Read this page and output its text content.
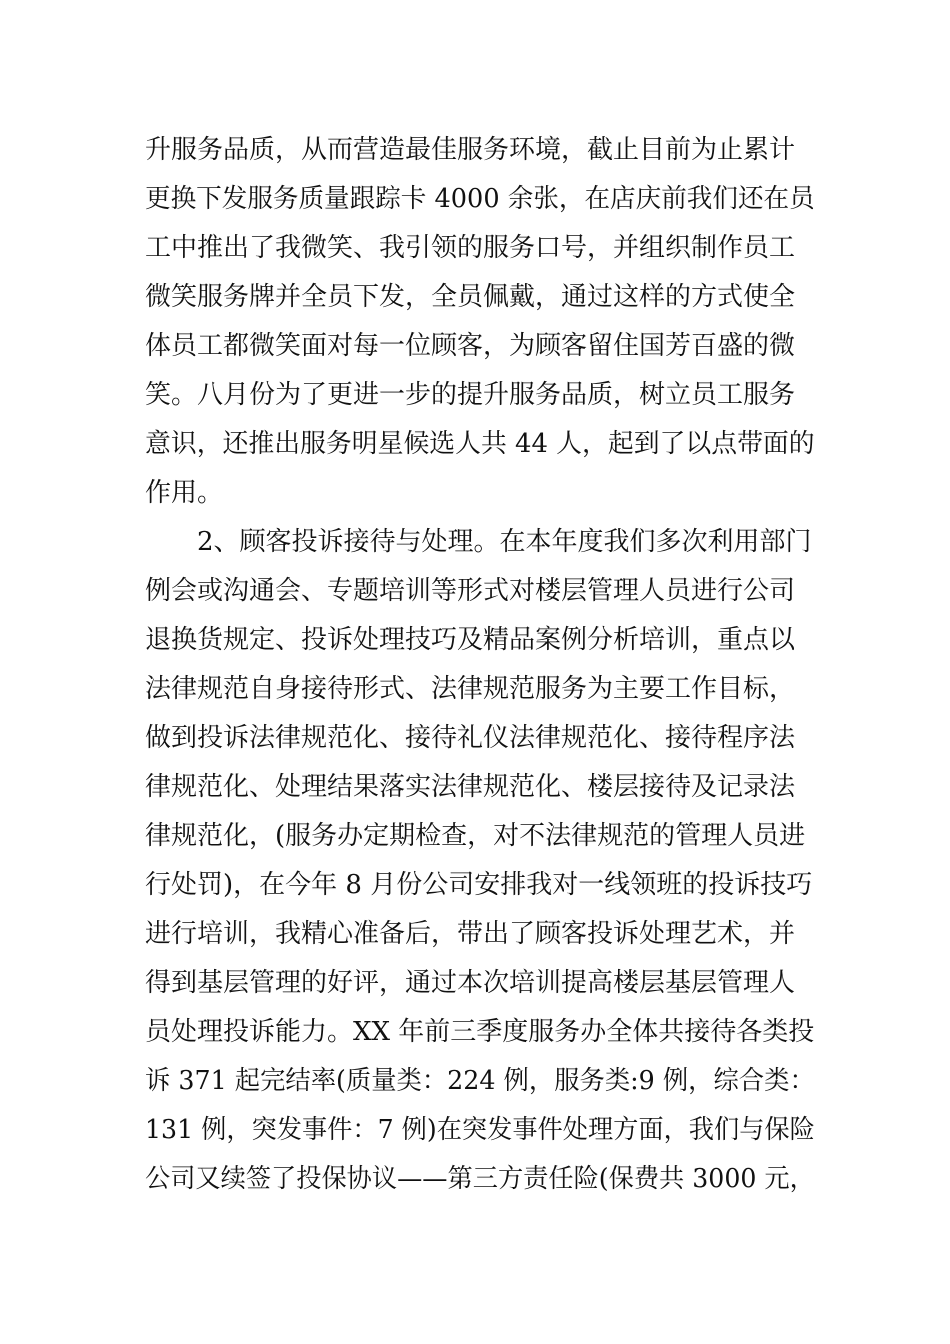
升服务品质，从而营造最佳服务环境，截止目前为止累计
更换下发服务质量跟踪卡 4000 余张，在店庆前我们还在员
工中推出了我微笑、我引领的服务口号，并组织制作员工
微笑服务牌并全员下发，全员佩戴，通过这样的方式使全
体员工都微笑面对每一位顾客，为顾客留住国芳百盛的微
笑。八月份为了更进一步的提升服务品质，树立员工服务
意识，还推出服务明星候选人共 44 人，起到了以点带面的
作用。
　　2、顾客投诉接待与处理。在本年度我们多次利用部门
例会或沟通会、专题培训等形式对楼层管理人员进行公司
退换货规定、投诉处理技巧及精品案例分析培训，重点以
法律规范自身接待形式、法律规范服务为主要工作目标，
做到投诉法律规范化、接待礼仪法律规范化、接待程序法
律规范化、处理结果落实法律规范化、楼层接待及记录法
律规范化，(服务办定期检查，对不法律规范的管理人员进
行处罚)，在今年 8 月份公司安排我对一线领班的投诉技巧
进行培训，我精心准备后，带出了顾客投诉处理艺术，并
得到基层管理的好评，通过本次培训提高楼层基层管理人
员处理投诉能力。XX 年前三季度服务办全体共接待各类投
诉 371 起完结率(质量类：224 例，服务类:9 例，综合类：
131 例，突发事件：7 例)在突发事件处理方面，我们与保险
公司又续签了投保协议——第三方责任险(保费共 3000 元，
